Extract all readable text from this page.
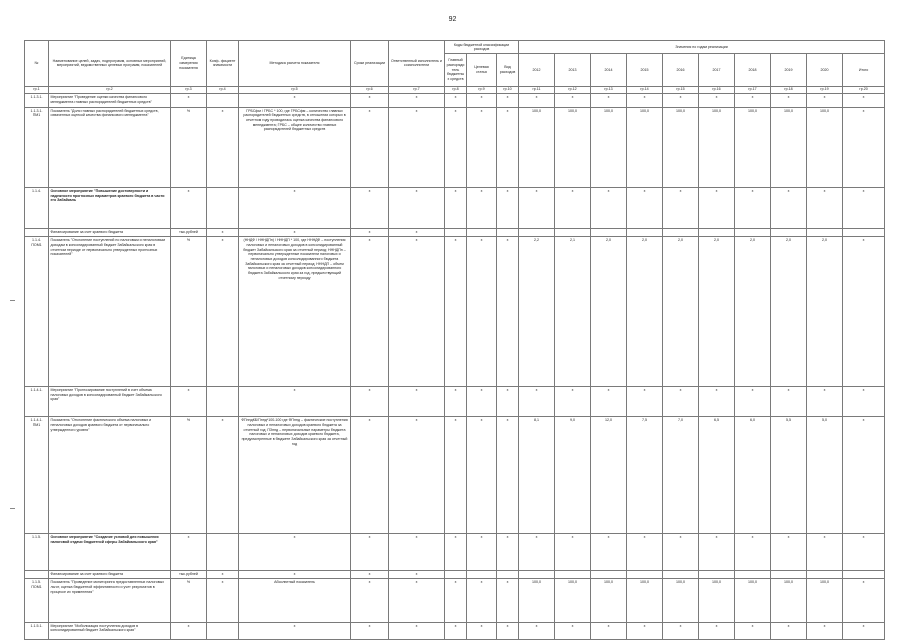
92
№	Наименование целей, задач, подпрограмм, основных мероприятий, мероприятий, ведомственных целевых программ, показателей	Единица измерения показателя	Коэф- фициент значимости	Методика расчета показателя	Сроки реализации	Ответственный исполнитель и соисполнители	Коды бюджетной классификации расходов			Значения по годам реализации									
							Главный распорядитель бюджетных средств	Целевая статья	Вид расходов	2012	2013	2014	2015	2016	2017	2018	2019	2020	Итого
гр.1	гр.2	гр.3	гр.4	гр.5	гр.6	гр.7	гр.8	гр.9	гр.10	гр.11	гр.12	гр.13	гр.14	гр.15	гр.16	гр.17	гр.18	гр.19	гр.20
1.1.3.1.	Мероприятие "Проведение оценки качества финансового менеджмента главных распорядителей бюджетных средств"	х		х	х	х	х	х	х	х	х	х	х	х	х	х	х	х	х
1.1.3.1. ПМ1	Показатель "Доля главных распорядителей бюджетных средств, охваченных оценкой качества финансового менеджмента"	%	х	ГРБСфм / ГРБС * 100, где ГРБСфм – количество главных распорядителей бюджетных средств, в отношении которых в отчетном году проводилась оценка качества финансового менеджмента; ГРБС – общее количество главных распорядителей бюджетных средств	х	х	х	х	х	100,0	100,0	100,0	100,0	100,0	100,0	100,0	100,0	100,0	х
1.1.4.	Основное мероприятие "Повышение достоверности и надежности прогнозных параметров краевого бюджета в части его Забайкаль	х		х	х	х	х	х	х	х	х	х	х	х	х	х	х	х	х
	Финансирование за счет краевого бюджета	тыс.рублей	х	х	х	х													
1.1.4. ПОМ1	Показатель "Отклонение поступлений по налоговым и неналоговым доходам в консолидированный бюджет Забайкальского края в отчетном периоде от первоначально утвержденных прогнозных показателей"	%	х	(ННДФ / НННДПп) / НННДП * 100, где НННДФ – поступления налоговых и неналоговых доходов в консолидированный бюджет Забайкальского края за отчетный период; НННДПп – первоначально утвержденные показатели налоговых и неналоговых доходов консолидированного бюджета Забайкальского края за отчетный период; НННДП – объем налоговых и неналоговых доходов консолидированного бюджета Забайкальского края за год, предшествующий отчетному периоду	х	х	х	х	х	2,2	2,1	2,0	2,0	2,0	2,0	2,0	2,0	2,0	х
1.1.4.1.	Мероприятие "Прогнозирование поступлений в счет объема налоговых доходов в консолидированный бюджет Забайкальского края"	х		х	х	х	х	х	х	х	х	х	х	х	х	х	х	х	х
1.1.4.1. ПМ1	Показатель "Отклонение фактического объема налоговых и неналоговых доходов краевого бюджета от первоначально утвержденного уровня"	%	х	ФПнндКБ/Пннд*100-100 где ФПннд – фактические поступления налоговых и неналоговых доходов краевого бюджета за отчетный год; ПЗннд – первоначальные параметры бюджета налоговых и неналоговых доходов краевого бюджета, предусмотренные в бюджете Забайкальского края за отчетный год	х	х	х	х	х	8,1	9,0	12,0	7,5	7,0	6,5	6,0	5,5	5,0	х
1.1.5.	Основное мероприятие "Создание условий для повышения налоговой отдачи бюджетной сферы Забайкальского края"	х		х	х	х	х	х	х	х	х	х	х	х	х	х	х	х	х
	Финансирование за счет краевого бюджета	тыс.рублей	х	х	х	х													
1.1.5. ПОМ1	Показатель "Проведение мониторинга предоставленных налоговых льгот, оценка бюджетной эффективности и учет результатов в процессе их применения"	%	х	Абсолютный показатель	х	х	х	х	х	100,0	100,0	100,0	100,0	100,0	100,0	100,0	100,0	100,0	х
1.1.5.1.	Мероприятие "Мобилизация поступления доходов в консолидированный бюджет Забайкальского края"	х		х	х	х	х	х	х	х	х	х	х	х	х	х	х	х	х
